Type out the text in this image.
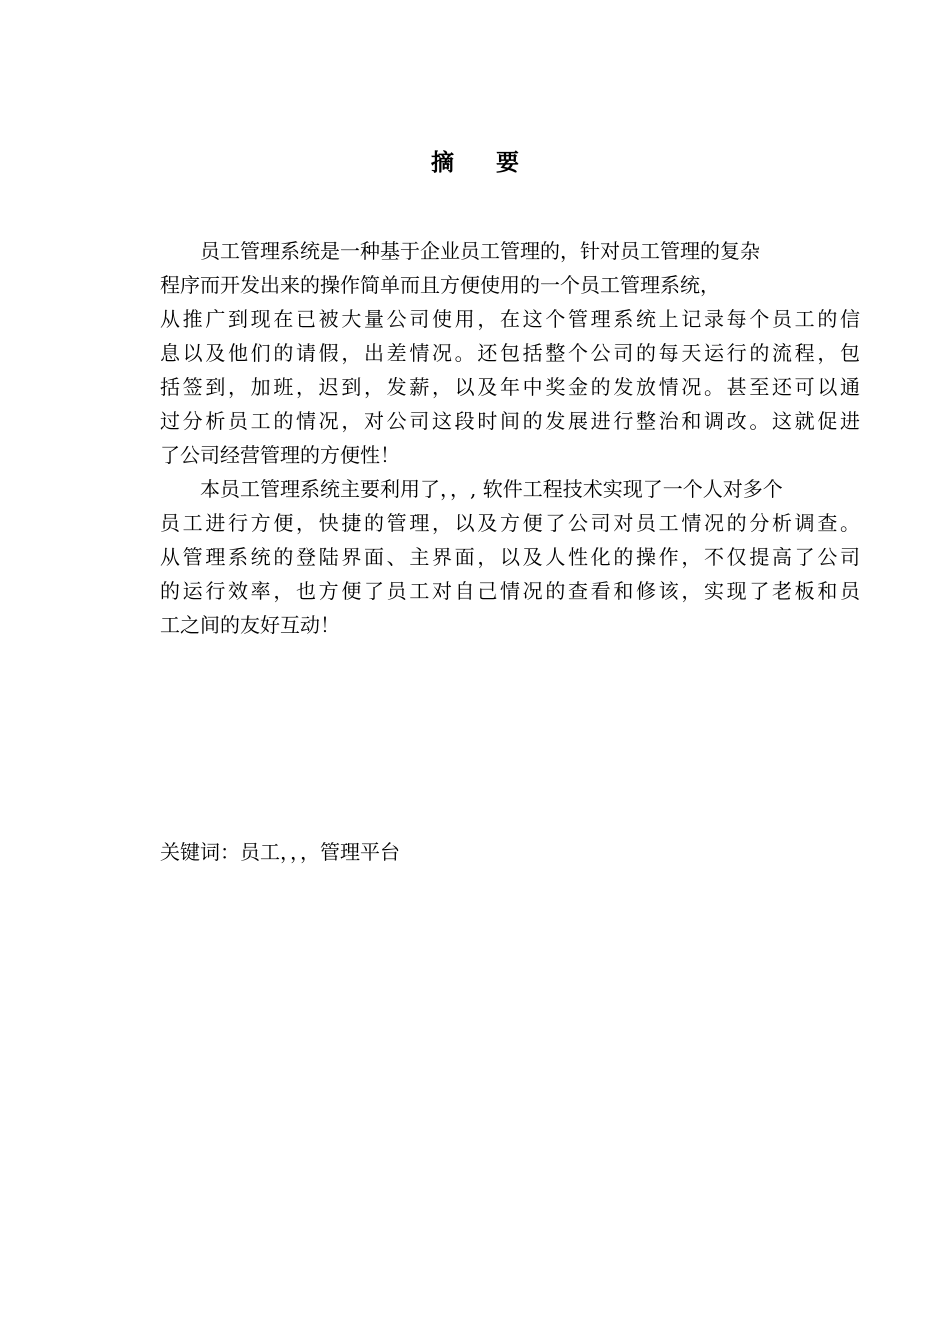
摘 要
员工管理系统是一种基于企业员工管理的，针对员工管理的复杂
程序而开发出来的操作简单而且方便使用的一个员工管理系统，
从推广到现在已被大量公司使用，在这个管理系统上记录每个员工的信
息以及他们的请假，出差情况。还包括整个公司的每天运行的流程，包
括签到，加班，迟到，发薪，以及年中奖金的发放情况。甚至还可以通
过分析员工的情况，对公司这段时间的发展进行整治和调改。这就促进
了公司经营管理的方便性！
本员工管理系统主要利用了，，, 软件工程技术实现了一个人对多个
员工进行方便，快捷的管理，以及方便了公司对员工情况的分析调查。
从管理系统的登陆界面、主界面，以及人性化的操作，不仅提高了公司
的运行效率，也方便了员工对自己情况的查看和修该，实现了老板和员
工之间的友好互动！
关键词：员工，，，管理平台
